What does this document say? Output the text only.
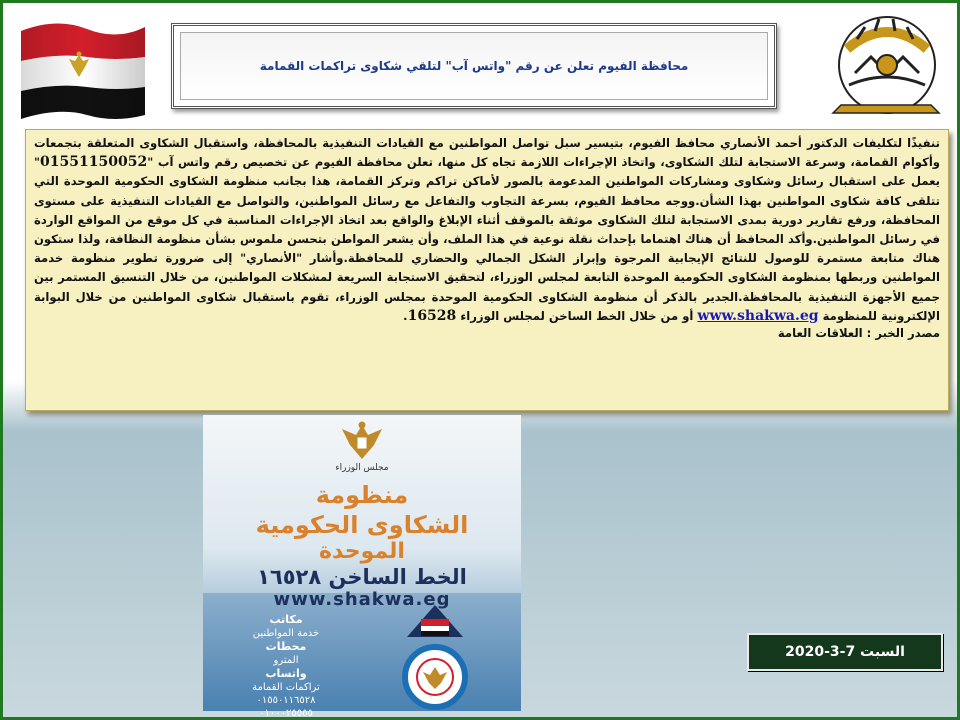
محافظة الفيوم تعلن عن رقم "واتس آب" لتلقي شكاوى تراكمات القمامة
تنفيذًا لتكليفات الدكتور أحمد الأنصاري محافظ الفيوم، بتيسير سبل تواصل المواطنين مع القيادات التنفيذية بالمحافظة، واستقبال الشكاوى المتعلقة بتجمعات وأكوام القمامة، وسرعة الاستجابة لتلك الشكاوى، واتخاذ الإجراءات اللازمة تجاه كل منها، تعلن محافظة الفيوم عن تخصيص رقم واتس آب "01551150052" يعمل على استقبال رسائل وشكاوى ومشاركات المواطنين المدعومة بالصور لأماكن تراكم وتركز القمامة، هذا بجانب منظومة الشكاوى الحكومية الموحدة التي تتلقى كافة شكاوى المواطنين بهذا الشأن.ووجه محافظ الفيوم، بسرعة التجاوب والتفاعل مع رسائل المواطنين، والتواصل مع القيادات التنفيذية على مستوى المحافظة، ورفع تقارير دورية بمدى الاستجابة لتلك الشكاوى موثقة بالموقف أثناء الإبلاغ والواقع بعد اتخاذ الإجراءات المناسبة في كل موقع من المواقع الواردة في رسائل المواطنين.وأكد المحافظ أن هناك اهتماما بإحداث نقلة نوعية في هذا الملف، وأن يشعر المواطن بتحسن ملموس بشأن منظومة النظافة، ولذا ستكون هناك متابعة مستمرة للوصول للنتائج الإيجابية المرجوة وإبراز الشكل الجمالي والحضاري للمحافظة.وأشار "الأنصاري" إلى ضرورة تطوير منظومة خدمة المواطنين وربطها بمنظومة الشكاوى الحكومية الموحدة التابعة لمجلس الوزراء، لتحقيق الاستجابة السريعة لمشكلات المواطنين، من خلال التنسيق المستمر بين جميع الأجهزة التنفيذية بالمحافظة.الجدير بالذكر أن منظومة الشكاوى الحكومية الموحدة بمجلس الوزراء، تقوم باستقبال شكاوى المواطنين من خلال البوابة الإلكترونية للمنظومة www.shakwa.eg أو من خلال الخط الساخن لمجلس الوزراء 16528.
مصدر الخبر : العلاقات العامة
مجلس الوزراء
منظومة
الشكاوى الحكومية
الموحدة
الخط الساخن ١٦٥٢٨
www.shakwa.eg
مكاتب
خدمة المواطنين
محطات
المترو
واتساب
تراكمات القمامة
٠١٥٥٠١١٦٥٢٨
٠١٠٠٠٢٥٥٥٥
السبت 7-3-2020
